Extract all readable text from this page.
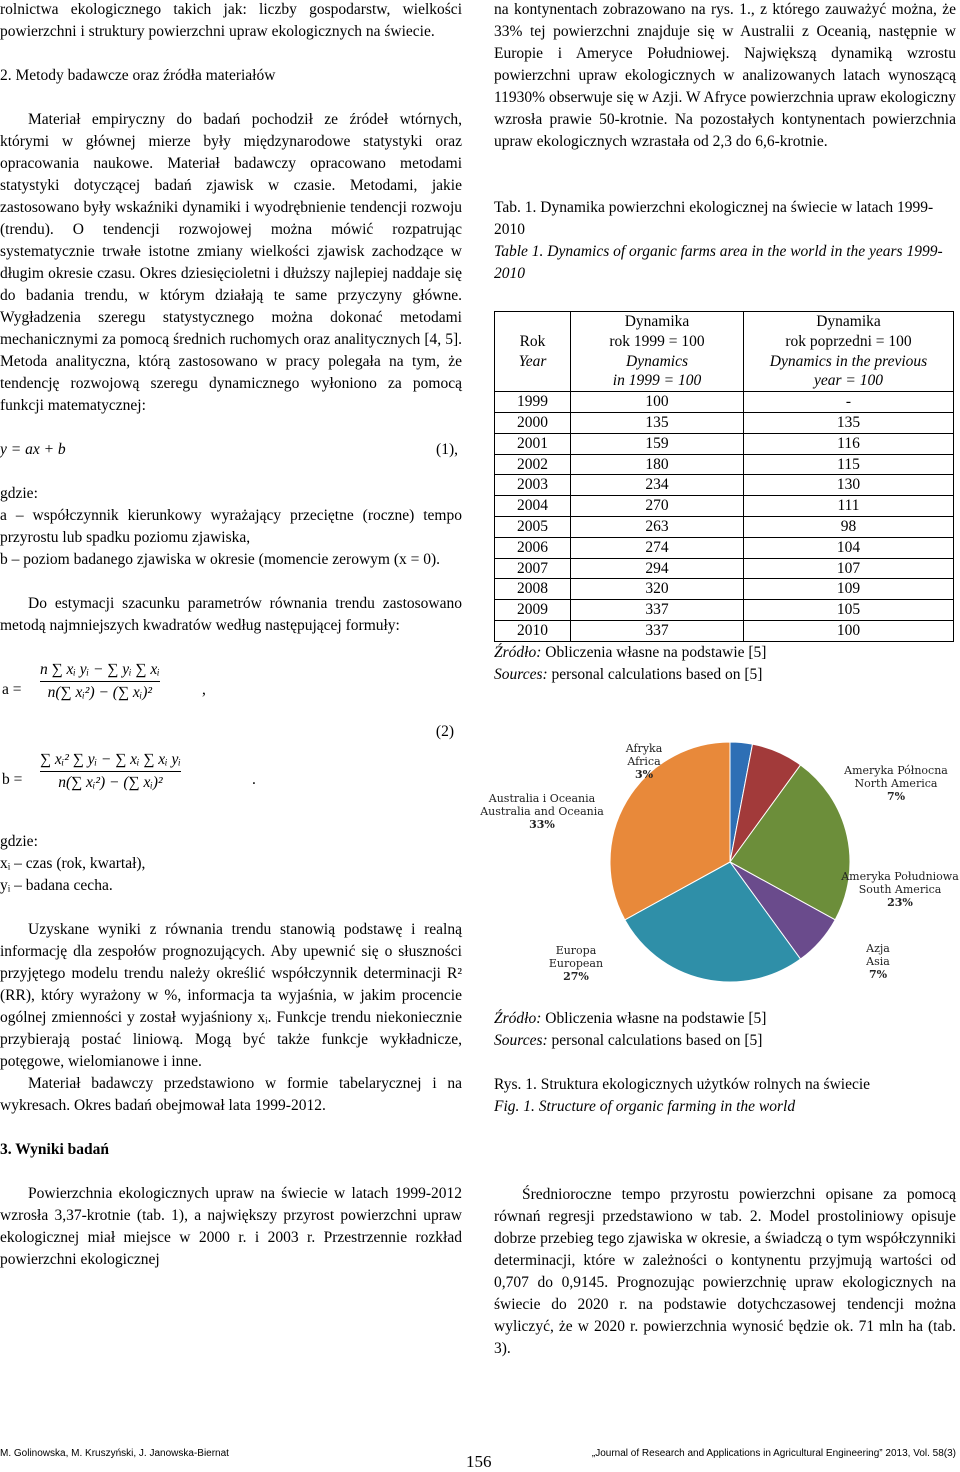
rolnictwa ekologicznego takich jak: liczby gospodarstw, wielkości powierzchni i struktury powierzchni upraw ekologicznych na świecie.

2. Metody badawcze oraz źródła materiałów

Materiał empiryczny do badań pochodził ze źródeł wtórnych, którymi w głównej mierze były międzynarodowe statystyki oraz opracowania naukowe. Materiał badawczy opracowano metodami statystyki dotyczącej badań zjawisk w czasie. Metodami, jakie zastosowano były wskaźniki dynamiki i wyodrębnienie tendencji rozwoju (trendu). O tendencji rozwojowej można mówić rozpatrując systematycznie trwałe istotne zmiany wielkości zjawisk zachodzące w długim okresie czasu. Okres dziesięcioletni i dłuższy najlepiej naddaje się do badania trendu, w którym działają te same przyczyny główne. Wygładzenia szeregu statystycznego można dokonać metodami mechanicznymi za pomocą średnich ruchomych oraz analitycznych [4, 5]. Metoda analityczna, którą zastosowano w pracy polegała na tym, że tendencję rozwojową szeregu dynamicznego wyłoniono za pomocą funkcji matematycznej:

y = ax + b	(1),

gdzie:

a – współczynnik kierunkowy wyrażający przeciętne (roczne) tempo przyrostu lub spadku poziomu zjawiska,

b – poziom badanego zjawiska w okresie (momencie zerowym (x = 0).

Do estymacji szacunku parametrów równania trendu zastosowano metodą najmniejszych kwadratów według następującej formuły:

a =
n ∑ xᵢ yᵢ − ∑ yᵢ ∑ xᵢ
n(∑ xᵢ²) − (∑ xᵢ)²	,
b =
∑ xᵢ² ∑ yᵢ − ∑ xᵢ ∑ xᵢ yᵢ
n(∑ xᵢ²) − (∑ xᵢ)²	.
(2)

gdzie:

xᵢ – czas (rok, kwartał),

yᵢ – badana cecha.

Uzyskane wyniki z równania trendu stanowią podstawę i realną informację dla zespołów prognozujących. Aby upewnić się o słuszności przyjętego modelu trendu należy określić współczynnik determinacji R² (RR), który wyrażony w %, informacja ta wyjaśnia, w jakim procencie ogólnej zmienności y został wyjaśniony xᵢ. Funkcje trendu niekoniecznie przybierają postać liniową. Mogą być także funkcje wykładnicze, potęgowe, wielomianowe i inne.

Materiał badawczy przedstawiono w formie tabelarycznej i na wykresach. Okres badań obejmował lata 1999-2012.

3. Wyniki badań

Powierzchnia ekologicznych upraw na świecie w latach 1999-2012 wzrosła 3,37-krotnie (tab. 1), a największy przyrost powierzchni upraw ekologicznej miał miejsce w 2000 r. i 2003 r. Przestrzennie rozkład powierzchni ekologicznej

na kontynentach zobrazowano na rys. 1., z którego zauważyć można, że 33% tej powierzchni znajduje się w Australii z Oceanią, następnie w Europie i Ameryce Południowej. Największą dynamiką wzrostu powierzchni upraw ekologicznych w analizowanych latach wynoszącą 11930% obserwuje się w Azji. W Afryce powierzchnia upraw ekologiczny wzrosła prawie 50-krotnie. Na pozostałych kontynentach powierzchnia upraw ekologicznych wzrastała od 2,3 do 6,6-krotnie.

Tab. 1. Dynamika powierzchni ekologicznej na świecie w latach 1999-2010

Table 1. Dynamics of organic farms area in the world in the years 1999-2010

Rok
Year	Dynamika
rok 1999 = 100
Dynamics
in 1999 = 100	Dynamika
rok poprzedni = 100
Dynamics in the previous
year = 100
1999	100	-
2000	135	135
2001	159	116
2002	180	115
2003	234	130
2004	270	111
2005	263	98
2006	274	104
2007	294	107
2008	320	109
2009	337	105
2010	337	100

Źródło: Obliczenia własne na podstawie [5]

Sources: personal calculations based on [5]

Afryka
Africa
3%	Ameryka Północna
North America
7%
Ameryka Południowa
South America
23%
Azja
Asia
7%
Europa
European
27%
Australia i Oceania
Australia and Oceania
33%

Źródło: Obliczenia własne na podstawie [5]

Sources: personal calculations based on [5]

Rys. 1. Struktura ekologicznych użytków rolnych na świecie

Fig. 1. Structure of organic farming in the world

Średnioroczne tempo przyrostu powierzchni opisane za pomocą równań regresji przedstawiono w tab. 2. Model prostoliniowy opisuje dobrze przebieg tego zjawiska w okresie, a świadczą o tym współczynniki determinacji, które w zależności o kontynentu przyjmują wartości od 0,707 do 0,9145. Prognozując powierzchnię upraw ekologicznych na świecie do 2020 r. na podstawie dotychczasowej tendencji można wyliczyć, że w 2020 r. powierzchnia wynosić będzie ok. 71 mln ha (tab. 3).

M. Golinowska, M. Kruszyński, J. Janowska-Biernat	„Journal of Research and Applications in Agricultural Engineering” 2013, Vol. 58(3)
156
